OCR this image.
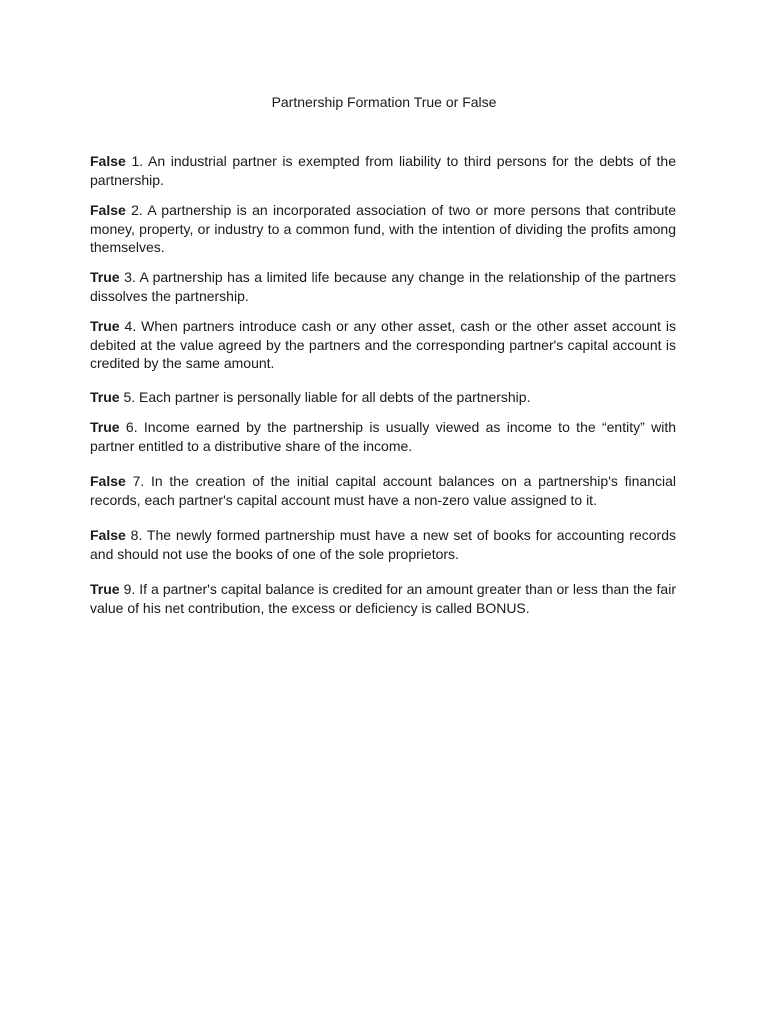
Partnership Formation True or False

False 1. An industrial partner is exempted from liability to third persons for the debts of the partnership.

False 2. A partnership is an incorporated association of two or more persons that contribute money, property, or industry to a common fund, with the intention of dividing the profits among themselves.

True 3. A partnership has a limited life because any change in the relationship of the partners dissolves the partnership.

True 4. When partners introduce cash or any other asset, cash or the other asset account is debited at the value agreed by the partners and the corresponding partner's capital account is credited by the same amount.

True 5. Each partner is personally liable for all debts of the partnership.

True 6. Income earned by the partnership is usually viewed as income to the “entity” with partner entitled to a distributive share of the income.

False 7. In the creation of the initial capital account balances on a partnership's financial records, each partner's capital account must have a non-zero value assigned to it.

False 8. The newly formed partnership must have a new set of books for accounting records and should not use the books of one of the sole proprietors.

True 9. If a partner's capital balance is credited for an amount greater than or less than the fair value of his net contribution, the excess or deficiency is called BONUS.
